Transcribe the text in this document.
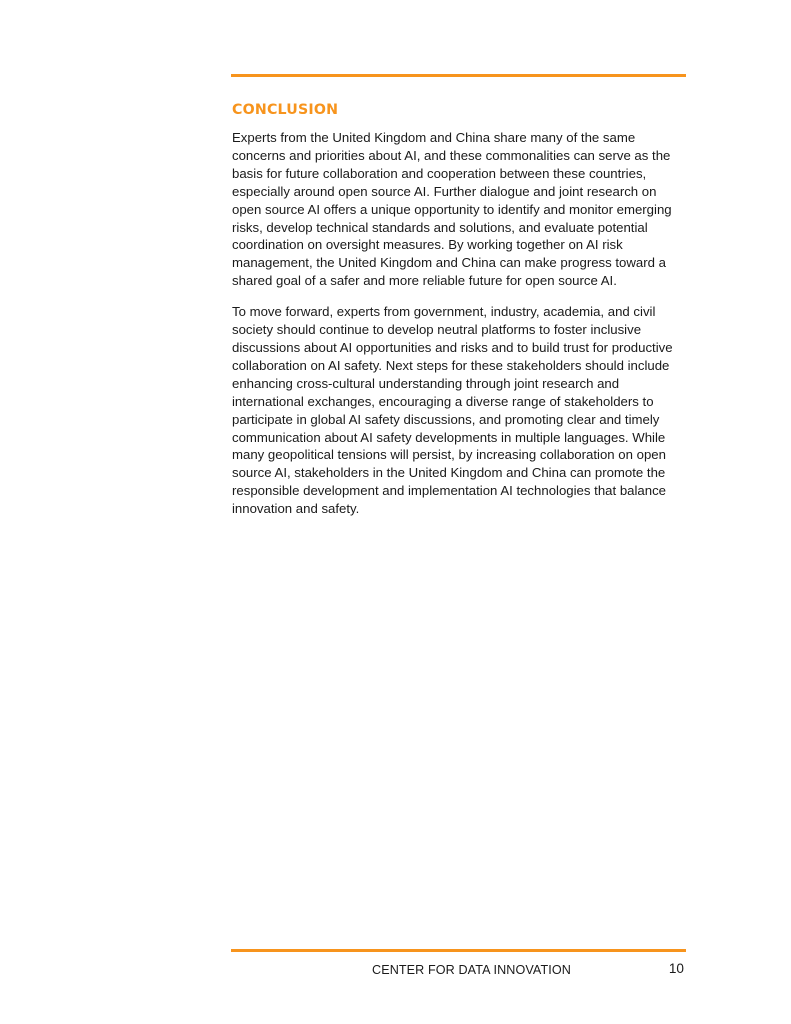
CONCLUSION

Experts from the United Kingdom and China share many of the same concerns and priorities about AI, and these commonalities can serve as the basis for future collaboration and cooperation between these countries, especially around open source AI. Further dialogue and joint research on open source AI offers a unique opportunity to identify and monitor emerging risks, develop technical standards and solutions, and evaluate potential coordination on oversight measures. By working together on AI risk management, the United Kingdom and China can make progress toward a shared goal of a safer and more reliable future for open source AI.

To move forward, experts from government, industry, academia, and civil society should continue to develop neutral platforms to foster inclusive discussions about AI opportunities and risks and to build trust for productive collaboration on AI safety. Next steps for these stakeholders should include enhancing cross-cultural understanding through joint research and international exchanges, encouraging a diverse range of stakeholders to participate in global AI safety discussions, and promoting clear and timely communication about AI safety developments in multiple languages. While many geopolitical tensions will persist, by increasing collaboration on open source AI, stakeholders in the United Kingdom and China can promote the responsible development and implementation AI technologies that balance innovation and safety.

CENTER FOR DATA INNOVATION	10
